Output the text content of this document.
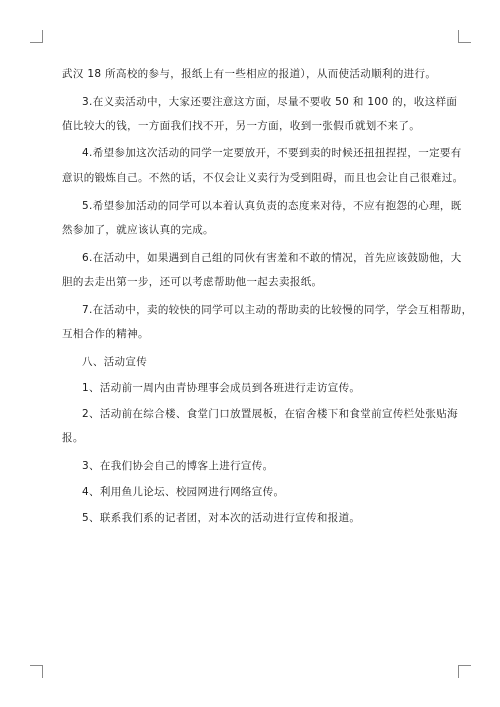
武汉 18 所高校的参与，报纸上有一些相应的报道），从而使活动顺利的进行。
3.在义卖活动中，大家还要注意这方面，尽量不要收 50 和 100 的，收这样面
值比较大的钱，一方面我们找不开，另一方面，收到一张假币就划不来了。
4.希望参加这次活动的同学一定要放开，不要到卖的时候还扭扭捏捏，一定要有
意识的锻炼自己。不然的话，不仅会让义卖行为受到阻碍，而且也会让自己很难过。
5.希望参加活动的同学可以本着认真负责的态度来对待，不应有抱怨的心理，既
然参加了，就应该认真的完成。
6.在活动中，如果遇到自己组的同伙有害羞和不敢的情况，首先应该鼓励他，大
胆的去走出第一步，还可以考虑帮助他一起去卖报纸。
7.在活动中，卖的较快的同学可以主动的帮助卖的比较慢的同学，学会互相帮助，
互相合作的精神。
八、活动宣传
1、活动前一周内由青协理事会成员到各班进行走访宣传。
2、活动前在综合楼、食堂门口放置展板，在宿舍楼下和食堂前宣传栏处张贴海
报。
3、在我们协会自己的博客上进行宣传。
4、利用鱼儿论坛、校园网进行网络宣传。
5、联系我们系的记者团，对本次的活动进行宣传和报道。
